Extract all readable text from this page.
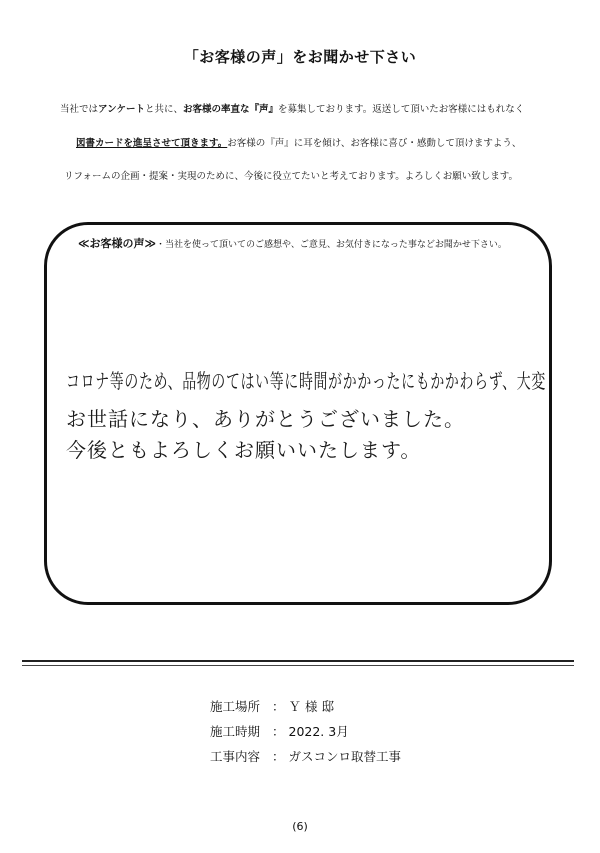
「お客様の声」をお聞かせ下さい
当社ではアンケートと共に、お客様の率直な『声』を募集しております。返送して頂いたお客様にはもれなく
図書カードを進呈させて頂きます。お客様の『声』に耳を傾け、お客様に喜び・感動して頂けますよう、
リフォームの企画・提案・実現のために、今後に役立てたいと考えております。よろしくお願い致します。
≪お客様の声≫・当社を使って頂いてのご感想や、ご意見、お気付きになった事などお聞かせ下さい。
コロナ等のため、品物のてはい等に時間がかかったにもかかわらず、大変
お世話になり、ありがとうございました。
今後ともよろしくお願いいたします。
施工場所 ： Ｙ 様 邸
施工時期 ： 2022. 3月
工事内容 ： ガスコンロ取替工事
(6)
